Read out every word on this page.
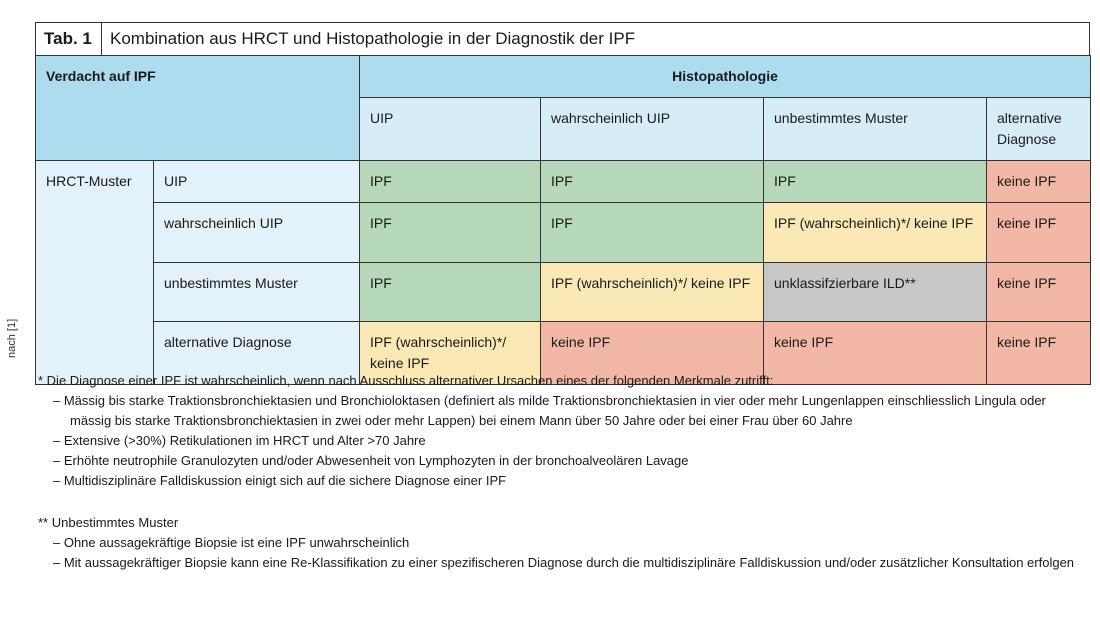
nach [1]
Tab. 1	Kombination aus HRCT und Histopathologie in der Diagnostik der IPF
Verdacht auf IPF		Histopathologie			
		UIP	wahrscheinlich UIP	unbestimmtes Muster	alternative Diagnose
HRCT-Muster	UIP	IPF	IPF	IPF	keine IPF
	wahrscheinlich UIP	IPF	IPF	IPF (wahrscheinlich)*/ keine IPF	keine IPF
	unbestimmtes Muster	IPF	IPF (wahrscheinlich)*/ keine IPF	unklassifzierbare ILD**	keine IPF
	alternative Diagnose	IPF (wahrscheinlich)*/ keine IPF	keine IPF	keine IPF	keine IPF

* Die Diagnose einer IPF ist wahrscheinlich, wenn nach Ausschluss alternativer Ursachen eines der folgenden Merkmale zutrifft:

– Mässig bis starke Traktionsbronchiektasien und Bronchioloktasen (definiert als milde Traktionsbronchiektasien in vier oder mehr Lungenlappen einschliesslich Lingula oder mässig bis starke Traktionsbronchiektasien in zwei oder mehr Lappen) bei einem Mann über 50 Jahre oder bei einer Frau über 60 Jahre
– Extensive (>30%) Retikulationen im HRCT und Alter >70 Jahre
– Erhöhte neutrophile Granulozyten und/oder Abwesenheit von Lymphozyten in der bronchoalveolären Lavage
– Multidisziplinäre Falldiskussion einigt sich auf die sichere Diagnose einer IPF

** Unbestimmtes Muster

– Ohne aussagekräftige Biopsie ist eine IPF unwahrscheinlich
– Mit aussagekräftiger Biopsie kann eine Re-Klassifikation zu einer spezifischeren Diagnose durch die multidisziplinäre Falldiskussion und/oder zusätzlicher Konsultation erfolgen
